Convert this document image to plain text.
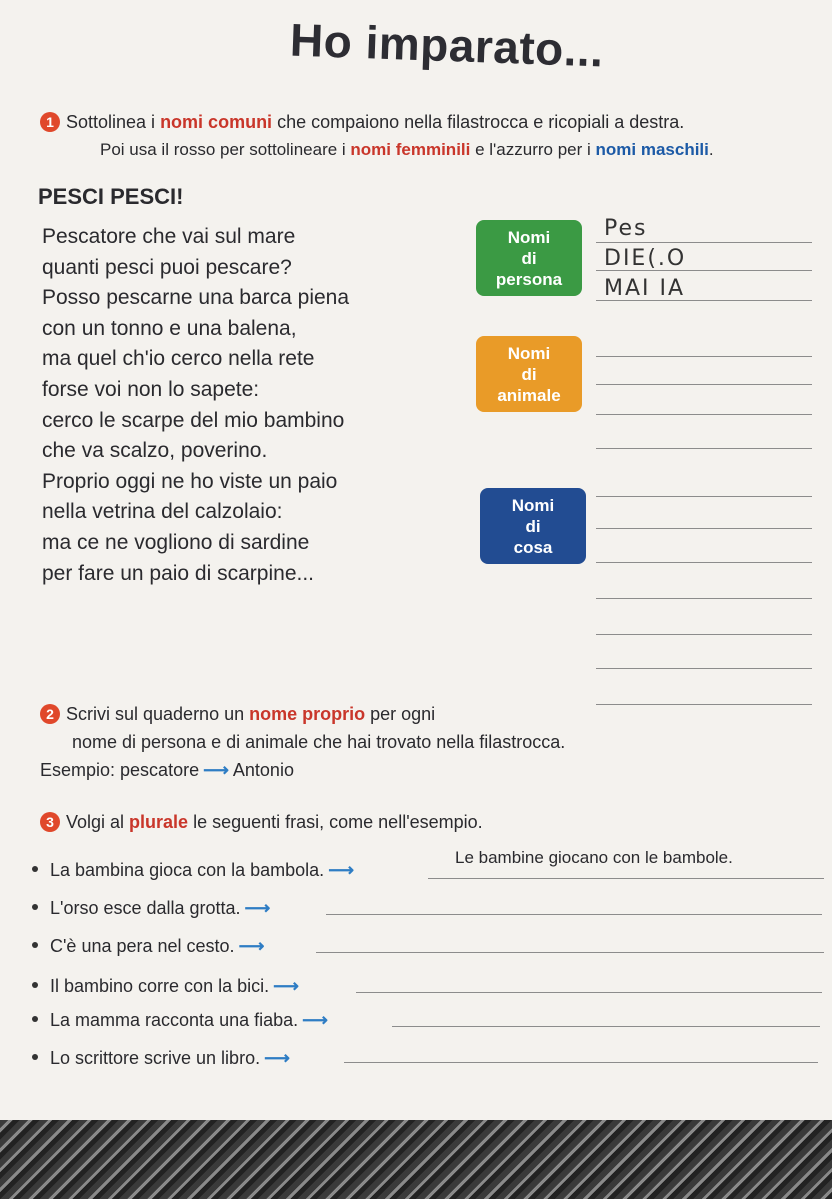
Ho imparato...
1 Sottolinea i nomi comuni che compaiono nella filastrocca e ricopiali a destra.
Poi usa il rosso per sottolineare i nomi femminili e l'azzurro per i nomi maschili.
PESCI PESCI!
Pescatore che vai sul mare
quanti pesci puoi pescare?
Posso pescarne una barca piena
con un tonno e una balena,
ma quel ch'io cerco nella rete
forse voi non lo sapete:
cerco le scarpe del mio bambino
che va scalzo, poverino.
Proprio oggi ne ho viste un paio
nella vetrina del calzolaio:
ma ce ne vogliono di sardine
per fare un paio di scarpine...
Nomi
di
persona
Nomi
di
animale
Nomi
di
cosa
Pes
DIE(.O
MAI IA
2 Scrivi sul quaderno un nome proprio per ogni
nome di persona e di animale che hai trovato nella filastrocca.
Esempio: pescatore ⟶ Antonio
3 Volgi al plurale le seguenti frasi, come nell'esempio.
La bambina gioca con la bambola. ⟶
Le bambine giocano con le bambole.
L'orso esce dalla grotta. ⟶
C'è una pera nel cesto. ⟶
Il bambino corre con la bici. ⟶
La mamma racconta una fiaba. ⟶
Lo scrittore scrive un libro. ⟶
